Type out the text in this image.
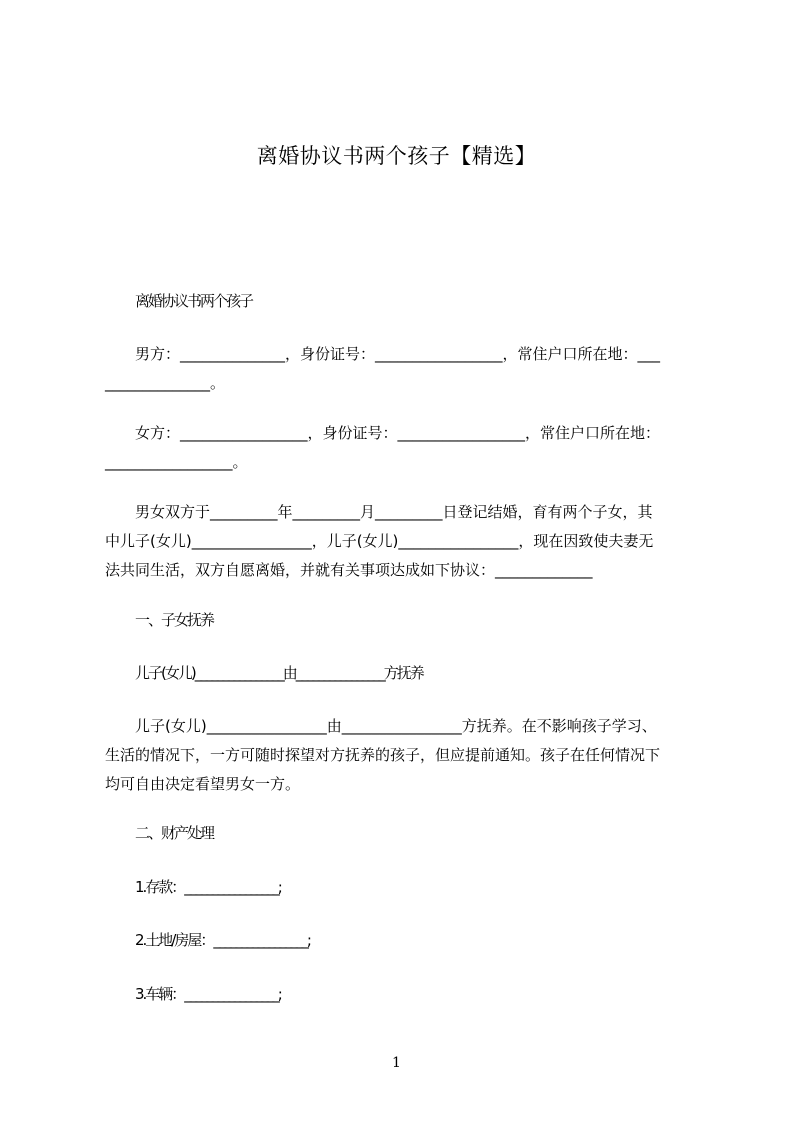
离婚协议书两个孩子【精选】
离婚协议书两个孩子
男方：______________，身份证号：_________________，常住户口所在地：___
______________。
女方：_________________，身份证号：_________________，常住户口所在地：
_________________。
男女双方于_________年_________月_________日登记结婚，育有两个子女，其
中儿子(女儿)________________，儿子(女儿)________________，现在因致使夫妻无
法共同生活，双方自愿离婚，并就有关事项达成如下协议：_____________
一、子女抚养
儿子(女儿)________________由________________方抚养
儿子(女儿)________________由________________方抚养。在不影响孩子学习、
生活的情况下，一方可随时探望对方抚养的孩子，但应提前通知。孩子在任何情况下
均可自由决定看望男女一方。
二、财产处理
1.存款：_________________;
2.土地/房屋：_________________;
3.车辆：_________________;
1
